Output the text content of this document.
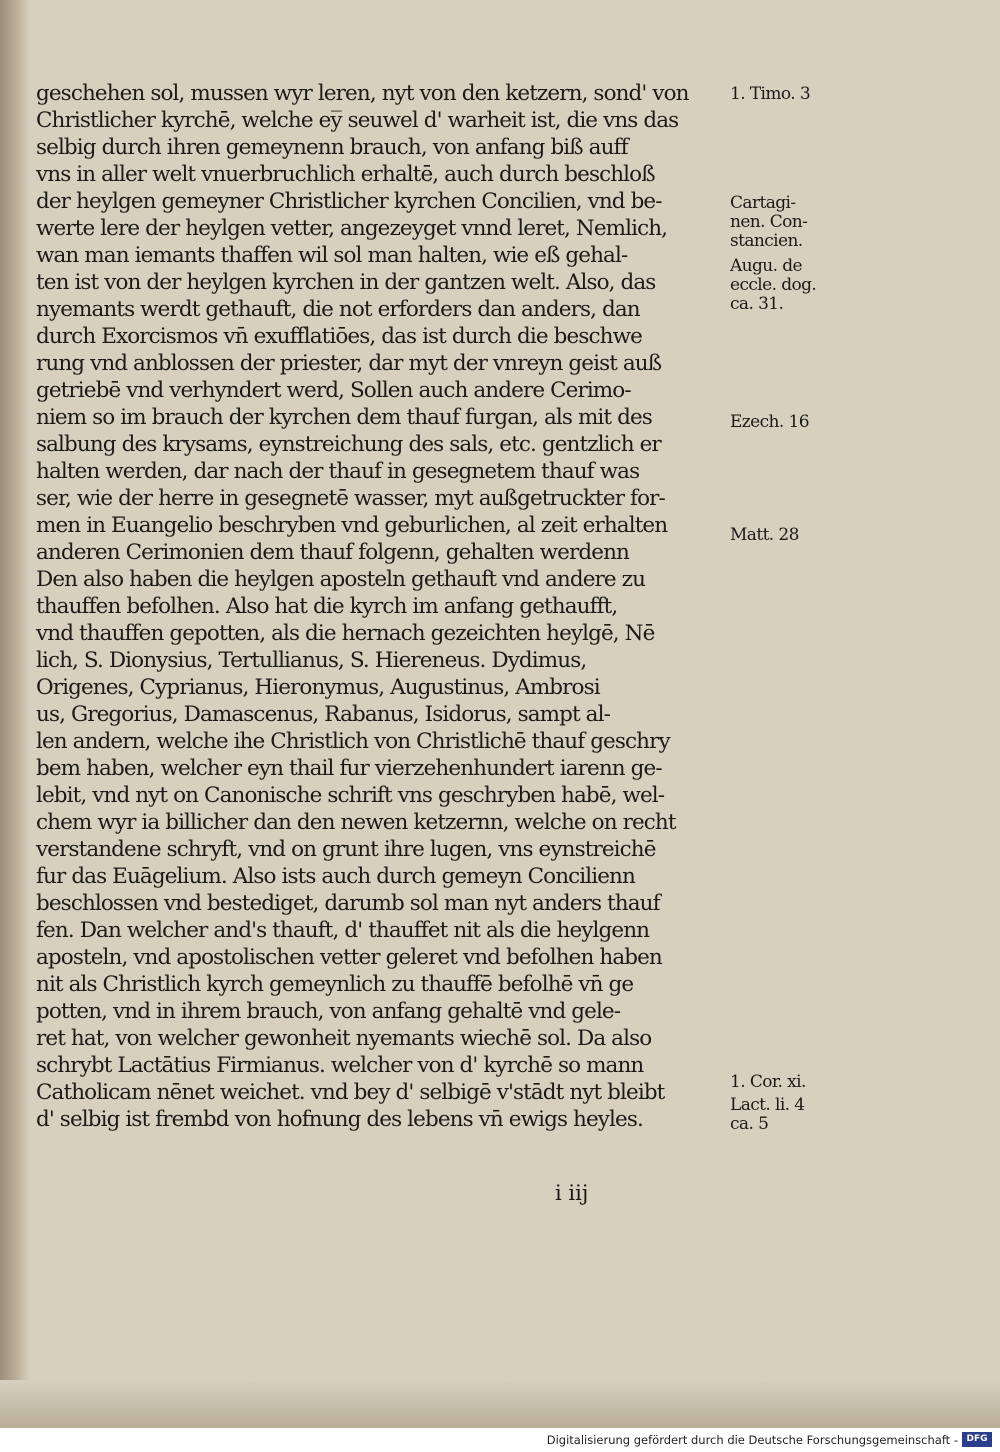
geschehen sol, mussen wyr leren, nyt von den ketzern, sond' von
Christlicher kyrchē, welche ey̅ seuwel d' warheit ist, die vns das
selbig durch ihren gemeynenn brauch, von anfang biß auff
vns in aller welt vnuerbruchlich erhaltē, auch durch beschloß
der heylgen gemeyner Christlicher kyrchen Concilien, vnd be-
werte lere der heylgen vetter, angezeyget vnnd leret, Nemlich,
wan man iemants thaffen wil sol man halten, wie eß gehal-
ten ist von der heylgen kyrchen in der gantzen welt. Also, das
nyemants werdt gethauft, die not erforders dan anders, dan
durch Exorcismos vn̄ exufflatiōes, das ist durch die beschwe
rung vnd anblossen der priester, dar myt der vnreyn geist auß
getriebē vnd verhyndert werd, Sollen auch andere Cerimo-
niem so im brauch der kyrchen dem thauf furgan, als mit des
salbung des krysams, eynstreichung des sals, etc. gentzlich er
halten werden, dar nach der thauf in gesegnetem thauf was
ser, wie der herre in gesegnetē wasser, myt außgetruckter for-
men in Euangelio beschryben vnd geburlichen, al zeit erhalten
anderen Cerimonien dem thauf folgenn, gehalten werdenn
Den also haben die heylgen aposteln gethauft vnd andere zu
thauffen befolhen. Also hat die kyrch im anfang gethaufft,
vnd thauffen gepotten, als die hernach gezeichten heylgē, Nē
lich, S. Dionysius, Tertullianus, S. Hiereneus. Dydimus,
Origenes, Cyprianus, Hieronymus, Augustinus, Ambrosi
us, Gregorius, Damascenus, Rabanus, Isidorus, sampt al-
len andern, welche ihe Christlich von Christlichē thauf geschry
bem haben, welcher eyn thail fur vierzehenhundert iarenn ge-
lebit, vnd nyt on Canonische schrift vns geschryben habē, wel-
chem wyr ia billicher dan den newen ketzernn, welche on recht
verstandene schryft, vnd on grunt ihre lugen, vns eynstreichē
fur das Euāgelium. Also ists auch durch gemeyn Concilienn
beschlossen vnd bestediget, darumb sol man nyt anders thauf
fen. Dan welcher and's thauft, d' thauffet nit als die heylgenn
aposteln, vnd apostolischen vetter geleret vnd befolhen haben
nit als Christlich kyrch gemeynlich zu thauffē befolhē vn̄ ge
potten, vnd in ihrem brauch, von anfang gehaltē vnd gele-
ret hat, von welcher gewonheit nyemants wiechē sol. Da also
schrybt Lactātius Firmianus. welcher von d' kyrchē so mann
Catholicam nēnet weichet. vnd bey d' selbigē v'stādt nyt bleibt
d' selbig ist frembd von hofnung des lebens vn̄ ewigs heyles.
1. Timo. 3
Cartagi-
nen. Con-
stancien.
Augu. de
eccle. dog.
ca. 31.
Ezech. 16
Matt. 28
1. Cor. xi.
Lact. li. 4
ca. 5
i iij
Digitalisierung gefördert durch die Deutsche Forschungsgemeinschaft - DFG
